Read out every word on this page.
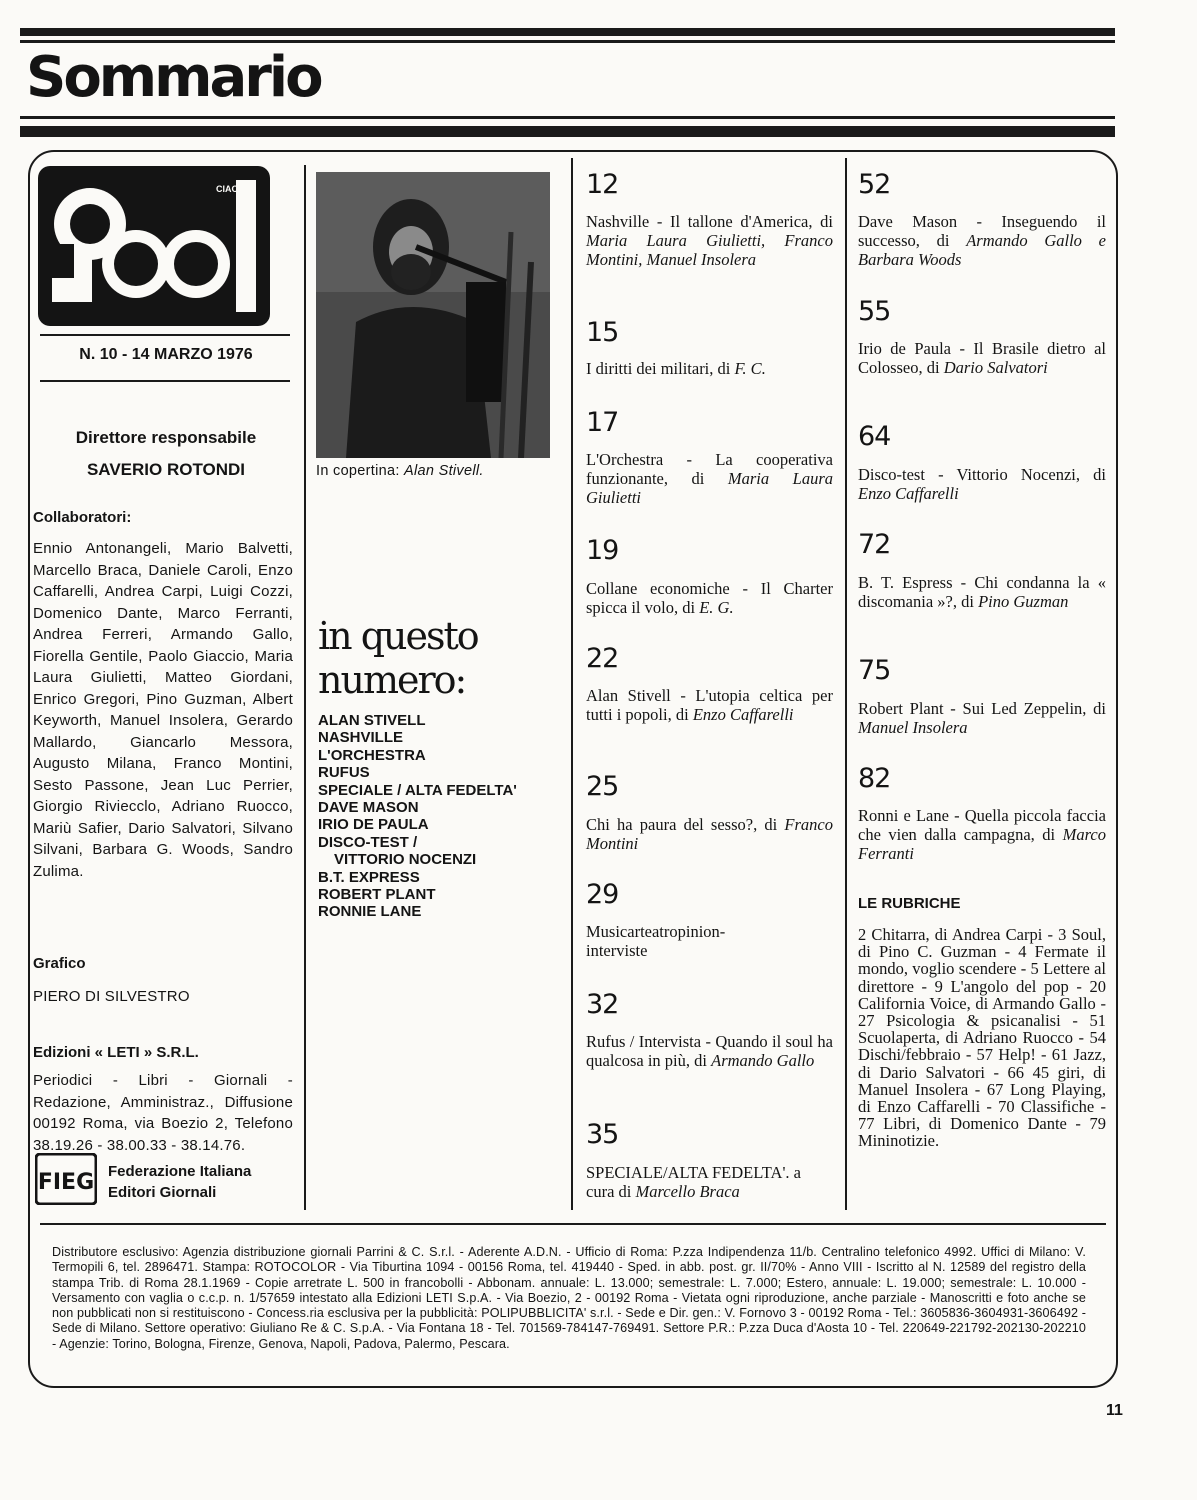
Sommario
CIAO
N. 10 - 14 MARZO 1976
Direttore responsabile
SAVERIO ROTONDI
Collaboratori:
Ennio Antonangeli, Mario Balvetti, Marcello Braca, Daniele Caroli, Enzo Caffarelli, Andrea Carpi, Luigi Cozzi, Domenico Dante, Marco Ferranti, Andrea Ferreri, Armando Gallo, Fiorella Gentile, Paolo Giaccio, Maria Laura Giulietti, Matteo Giordani, Enrico Gregori, Pino Guzman, Albert Keyworth, Manuel Insolera, Gerardo Mallardo, Giancarlo Messora, Augusto Milana, Franco Montini, Sesto Passone, Jean Luc Perrier, Giorgio Riviecclo, Adriano Ruocco, Mariù Safier, Dario Salvatori, Silvano Silvani, Barbara G. Woods, Sandro Zulima.
Grafico
PIERO DI SILVESTRO
Edizioni « LETI » S.R.L.
Periodici - Libri - Giornali - Redazione, Amministraz., Diffusione 00192 Roma, via Boezio 2, Telefono 38.19.26 - 38.00.33 - 38.14.76.
FIEG Federazione Italiana
Editori Giornali
In copertina: Alan Stivell.
in questo
numero:
ALAN STIVELL
NASHVILLE
L'ORCHESTRA
RUFUS
SPECIALE / ALTA FEDELTA'
DAVE MASON
IRIO DE PAULA
DISCO-TEST /
VITTORIO NOCENZI
B.T. EXPRESS
ROBERT PLANT
RONNIE LANE
12
Nashville - Il tallone d'America, di Maria Laura Giulietti, Franco Montini, Manuel Insolera
15
I diritti dei militari, di F. C.
17
L'Orchestra - La cooperativa funzionante, di Maria Laura Giulietti
19
Collane economiche - Il Charter spicca il volo, di E. G.
22
Alan Stivell - L'utopia celtica per tutti i popoli, di Enzo Caffarelli
25
Chi ha paura del sesso?, di Franco Montini
29
Musicarteatropinion-interviste
32
Rufus / Intervista - Quando il soul ha qualcosa in più, di Armando Gallo
35
SPECIALE/ALTA FEDELTA'. a cura di Marcello Braca
52
Dave Mason - Inseguendo il successo, di Armando Gallo e Barbara Woods
55
Irio de Paula - Il Brasile dietro al Colosseo, di Dario Salvatori
64
Disco-test - Vittorio Nocenzi, di Enzo Caffarelli
72
B. T. Espress - Chi condanna la « discomania »?, di Pino Guzman
75
Robert Plant - Sui Led Zeppelin, di Manuel Insolera
82
Ronni e Lane - Quella piccola faccia che vien dalla campagna, di Marco Ferranti
LE RUBRICHE
2 Chitarra, di Andrea Carpi - 3 Soul, di Pino C. Guzman - 4 Fermate il mondo, voglio scendere - 5 Lettere al direttore - 9 L'angolo del pop - 20 California Voice, di Armando Gallo - 27 Psicologia & psicanalisi - 51 Scuolaperta, di Adriano Ruocco - 54 Dischi/febbraio - 57 Help! - 61 Jazz, di Dario Salvatori - 66 45 giri, di Manuel Insolera - 67 Long Playing, di Enzo Caffarelli - 70 Classifiche - 77 Libri, di Domenico Dante - 79 Mininotizie.
Distributore esclusivo: Agenzia distribuzione giornali Parrini & C. S.r.l. - Aderente A.D.N. - Ufficio di Roma: P.zza Indipendenza 11/b. Centralino telefonico 4992. Uffici di Milano: V. Termopili 6, tel. 2896471. Stampa: ROTOCOLOR - Via Tiburtina 1094 - 00156 Roma, tel. 419440 - Sped. in abb. post. gr. II/70% - Anno VIII - Iscritto al N. 12589 del registro della stampa Trib. di Roma 28.1.1969 - Copie arretrate L. 500 in francobolli - Abbonam. annuale: L. 13.000; semestrale: L. 7.000; Estero, annuale: L. 19.000; semestrale: L. 10.000 - Versamento con vaglia o c.c.p. n. 1/57659 intestato alla Edizioni LETI S.p.A. - Via Boezio, 2 - 00192 Roma - Vietata ogni riproduzione, anche parziale - Manoscritti e foto anche se non pubblicati non si restituiscono - Concess.ria esclusiva per la pubblicità: POLIPUBBLICITA' s.r.l. - Sede e Dir. gen.: V. Fornovo 3 - 00192 Roma - Tel.: 3605836-3604931-3606492 - Sede di Milano. Settore operativo: Giuliano Re & C. S.p.A. - Via Fontana 18 - Tel. 701569-784147-769491. Settore P.R.: P.zza Duca d'Aosta 10 - Tel. 220649-221792-202130-202210 - Agenzie: Torino, Bologna, Firenze, Genova, Napoli, Padova, Palermo, Pescara.
11
